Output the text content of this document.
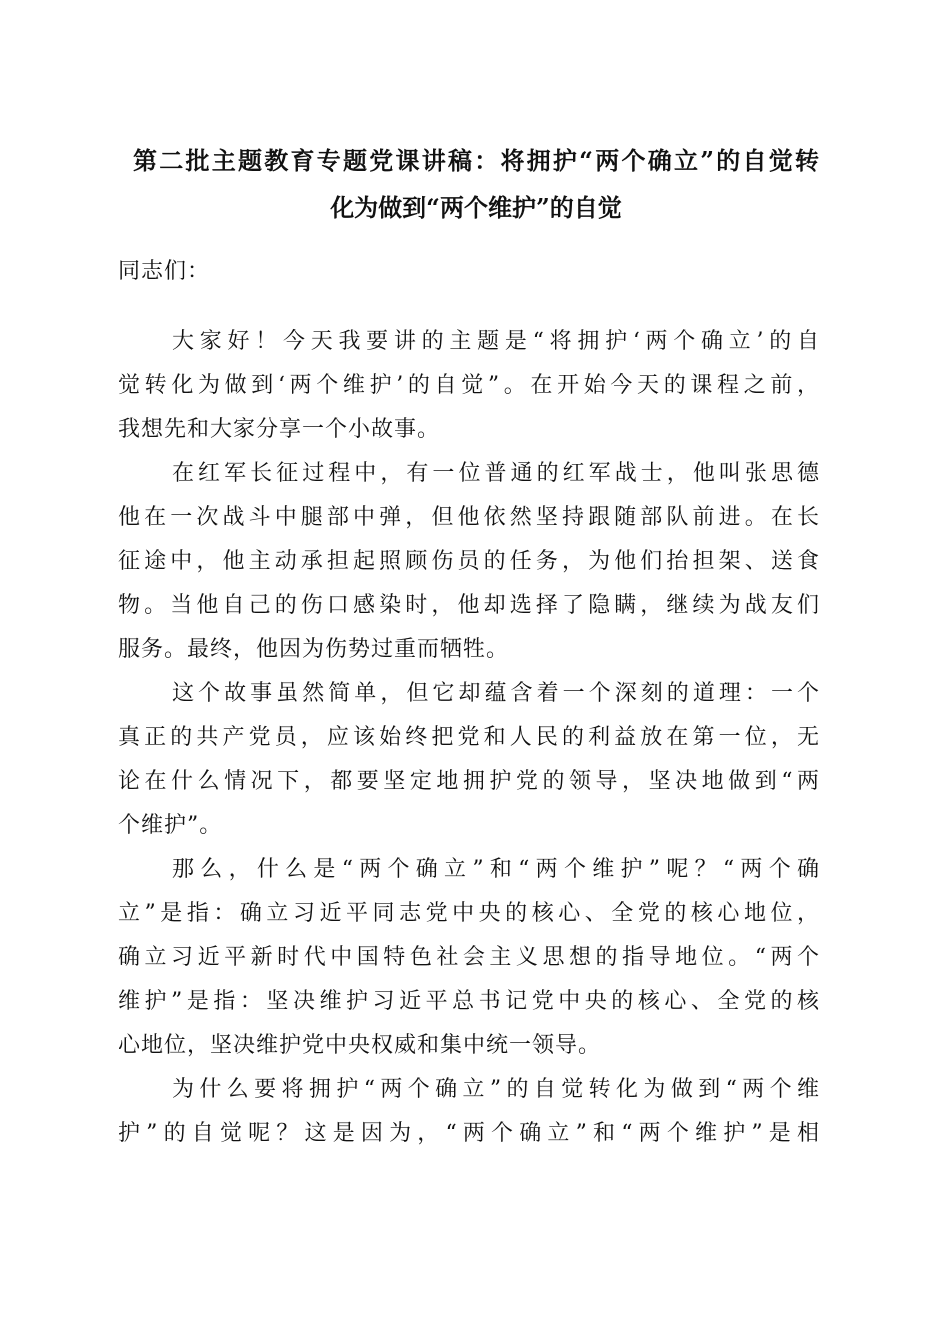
第二批主题教育专题党课讲稿：将拥护“两个确立”的自觉转
化为做到“两个维护”的自觉
同志们：
大家好！今天我要讲的主题是“将拥护‘两个确立’的自
觉转化为做到‘两个维护’的自觉”。在开始今天的课程之前，
我想先和大家分享一个小故事。
在红军长征过程中，有一位普通的红军战士，他叫张思德
他在一次战斗中腿部中弹，但他依然坚持跟随部队前进。在长
征途中，他主动承担起照顾伤员的任务，为他们抬担架、送食
物。当他自己的伤口感染时，他却选择了隐瞒，继续为战友们
服务。最终，他因为伤势过重而牺牲。
这个故事虽然简单，但它却蕴含着一个深刻的道理：一个
真正的共产党员，应该始终把党和人民的利益放在第一位，无
论在什么情况下，都要坚定地拥护党的领导，坚决地做到“两
个维护”。
那么，什么是“两个确立”和“两个维护”呢？“两个确
立”是指：确立习近平同志党中央的核心、全党的核心地位，
确立习近平新时代中国特色社会主义思想的指导地位。“两个
维护”是指：坚决维护习近平总书记党中央的核心、全党的核
心地位，坚决维护党中央权威和集中统一领导。
为什么要将拥护“两个确立”的自觉转化为做到“两个维
护”的自觉呢？这是因为，“两个确立”和“两个维护”是相
